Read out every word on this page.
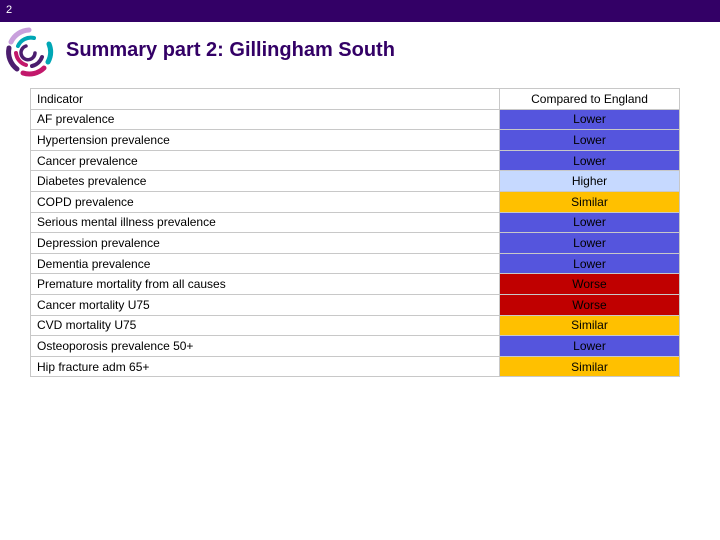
2
Summary part 2: Gillingham South
Indicator	Compared to England
AF prevalence	Lower
Hypertension prevalence	Lower
Cancer prevalence	Lower
Diabetes prevalence	Higher
COPD prevalence	Similar
Serious mental illness prevalence	Lower
Depression prevalence	Lower
Dementia prevalence	Lower
Premature mortality from all causes	Worse
Cancer mortality U75	Worse
CVD mortality U75	Similar
Osteoporosis prevalence 50+	Lower
Hip fracture adm 65+	Similar
